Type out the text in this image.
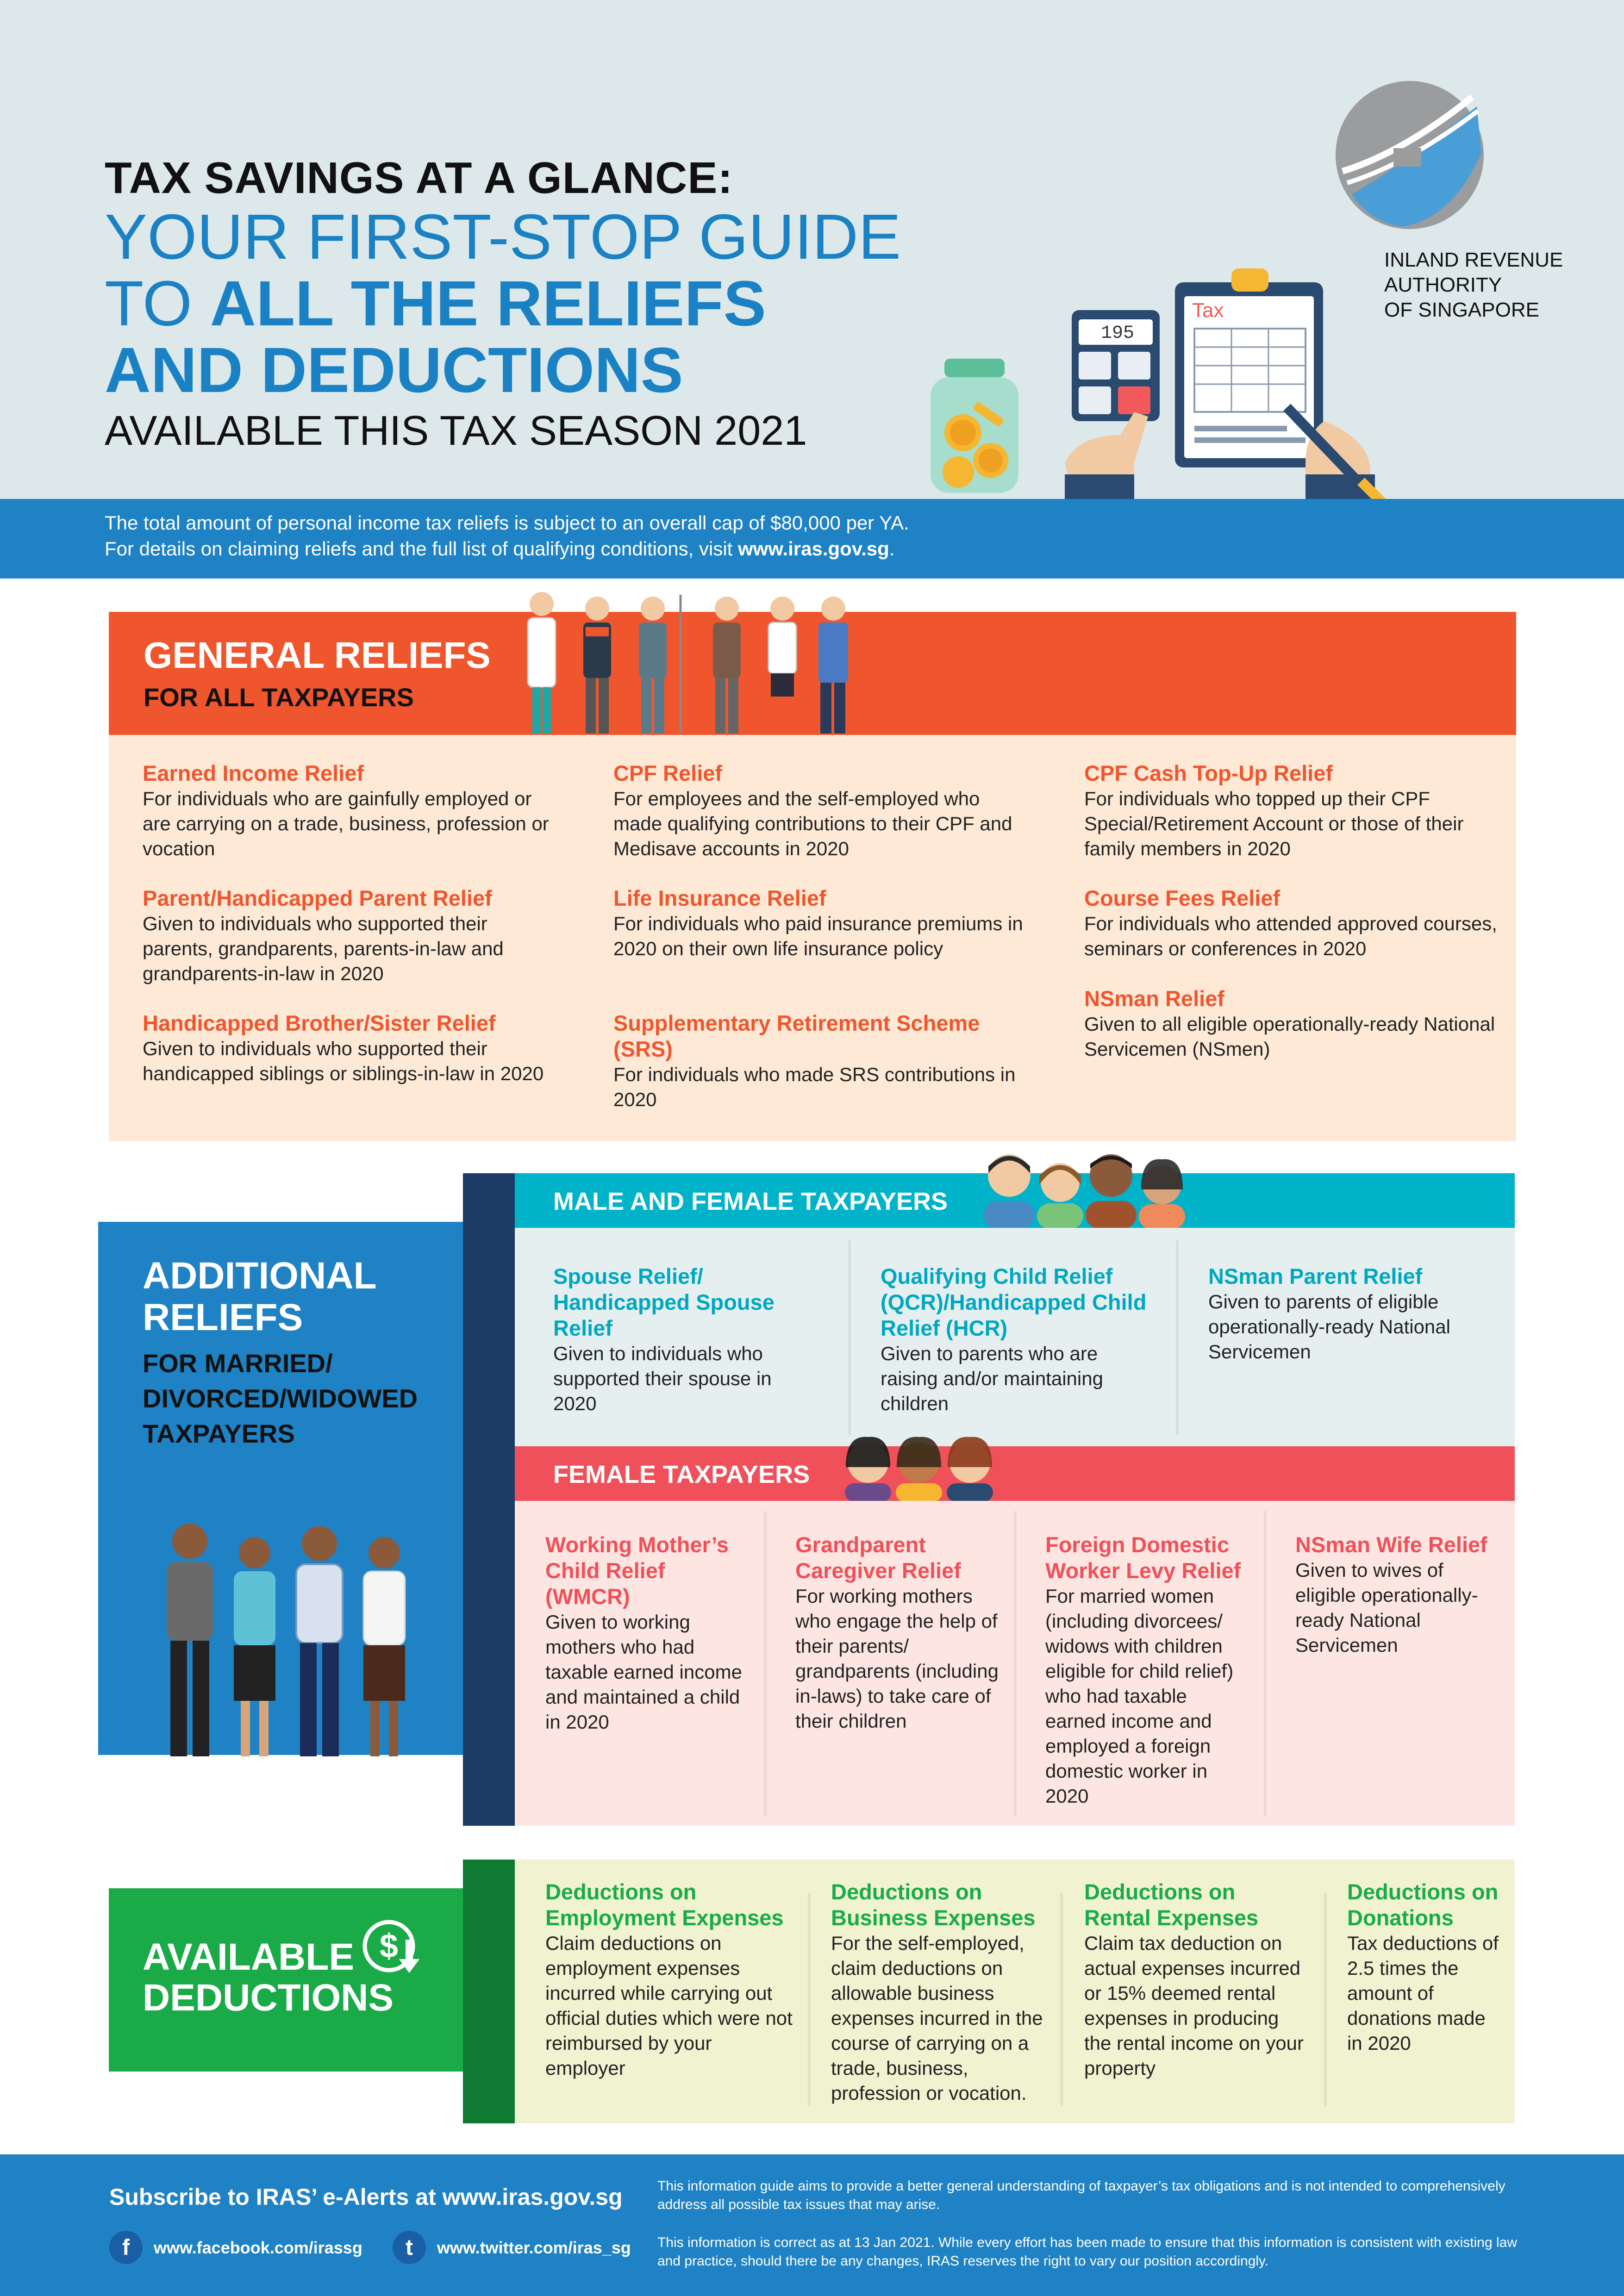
TAX SAVINGS AT A GLANCE:
YOUR FIRST-STOP GUIDE
TO ALL THE RELIEFS
AND DEDUCTIONS
AVAILABLE THIS TAX SEASON 2021
INLAND REVENUE
AUTHORITY
OF SINGAPORE
195
Tax
The total amount of personal income tax reliefs is subject to an overall cap of $80,000 per YA.
For details on claiming reliefs and the full list of qualifying conditions, visit www.iras.gov.sg.
GENERAL RELIEFS
FOR ALL TAXPAYERS
Earned Income Relief
For individuals who are gainfully employed or are carrying on a trade, business, profession or vocation
Parent/Handicapped Parent Relief
Given to individuals who supported their parents, grandparents, parents-in-law and grandparents-in-law in 2020
Handicapped Brother/Sister Relief
Given to individuals who supported their handicapped siblings or siblings-in-law in 2020
CPF Relief
For employees and the self-employed who made qualifying contributions to their CPF and Medisave accounts in 2020
Life Insurance Relief
For individuals who paid insurance premiums in 2020 on their own life insurance policy
Supplementary Retirement Scheme (SRS)
For individuals who made SRS contributions in 2020
CPF Cash Top-Up Relief
For individuals who topped up their CPF Special/Retirement Account or those of their family members in 2020
Course Fees Relief
For individuals who attended approved courses, seminars or conferences in 2020
NSman Relief
Given to all eligible operationally-ready National Servicemen (NSmen)
ADDITIONAL
RELIEFS
FOR MARRIED/
DIVORCED/WIDOWED
TAXPAYERS
MALE AND FEMALE TAXPAYERS
Spouse Relief/ Handicapped Spouse Relief
Given to individuals who supported their spouse in 2020
Qualifying Child Relief (QCR)/Handicapped Child Relief (HCR)
Given to parents who are raising and/or maintaining children
NSman Parent Relief
Given to parents of eligible operationally-ready National Servicemen
FEMALE TAXPAYERS
Working Mother’s Child Relief (WMCR)
Given to working mothers who had taxable earned income and maintained a child in 2020
Grandparent Caregiver Relief
For working mothers who engage the help of their parents/ grandparents (including in-laws) to take care of their children
Foreign Domestic Worker Levy Relief
For married women (including divorcees/ widows with children eligible for child relief) who had taxable earned income and employed a foreign domestic worker in 2020
NSman Wife Relief
Given to wives of eligible operationally-ready National Servicemen
AVAILABLE
DEDUCTIONS
$
Deductions on Employment Expenses
Claim deductions on employment expenses incurred while carrying out official duties which were not reimbursed by your employer
Deductions on Business Expenses
For the self-employed, claim deductions on allowable business expenses incurred in the course of carrying on a trade, business, profession or vocation.
Deductions on Rental Expenses
Claim tax deduction on actual expenses incurred or 15% deemed rental expenses in producing the rental income on your property
Deductions on Donations
Tax deductions of 2.5 times the amount of donations made in 2020
Subscribe to IRAS’ e-Alerts at www.iras.gov.sg
f	www.facebook.com/irassg	t	www.twitter.com/iras_sg
This information guide aims to provide a better general understanding of taxpayer’s tax obligations and is not intended to comprehensively address all possible tax issues that may arise.
This information is correct as at 13 Jan 2021. While every effort has been made to ensure that this information is consistent with existing law and practice, should there be any changes, IRAS reserves the right to vary our position accordingly.
